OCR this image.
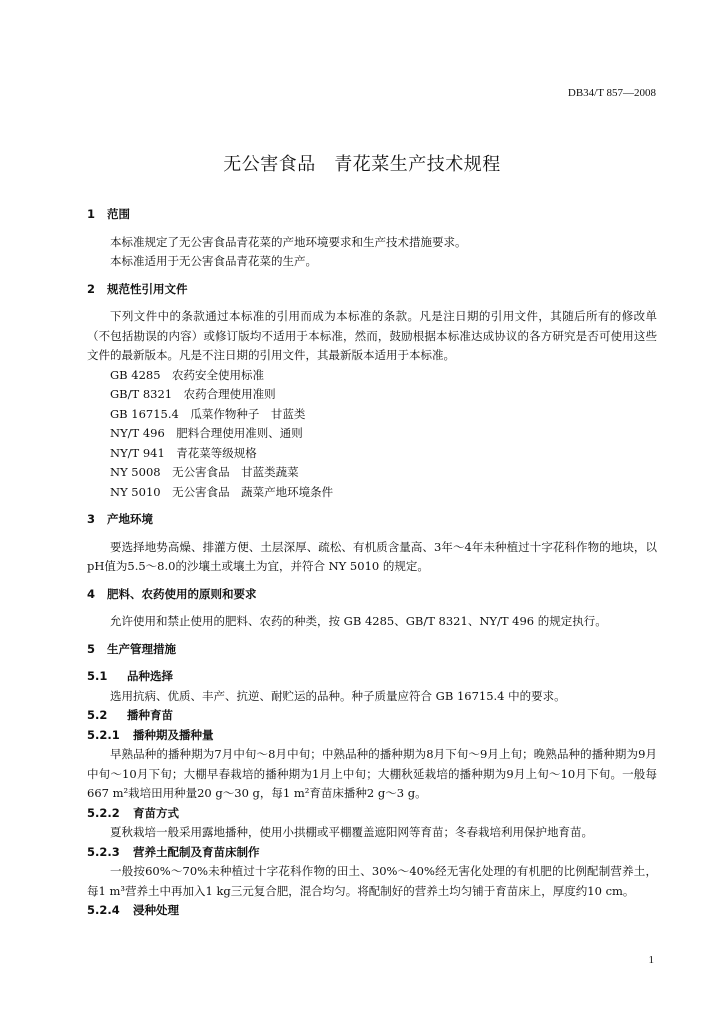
DB34/T 857—2008
无公害食品　青花菜生产技术规程
1 范围

本标准规定了无公害食品青花菜的产地环境要求和生产技术措施要求。

本标准适用于无公害食品青花菜的生产。

2 规范性引用文件

下列文件中的条款通过本标准的引用而成为本标准的条款。凡是注日期的引用文件，其随后所有的修改单（不包括勘误的内容）或修订版均不适用于本标准，然而，鼓励根据本标准达成协议的各方研究是否可使用这些文件的最新版本。凡是不注日期的引用文件，其最新版本适用于本标准。

GB 4285　农药安全使用标准

GB/T 8321　农药合理使用准则

GB 16715.4　瓜菜作物种子　甘蓝类

NY/T 496　肥料合理使用准则、通则

NY/T 941　青花菜等级规格

NY 5008　无公害食品　甘蓝类蔬菜

NY 5010　无公害食品　蔬菜产地环境条件

3 产地环境

要选择地势高燥、排灌方便、土层深厚、疏松、有机质含量高、3年～4年未种植过十字花科作物的地块，以pH值为5.5～8.0的沙壤土或壤土为宜，并符合 NY 5010 的规定。

4 肥料、农药使用的原则和要求

允许使用和禁止使用的肥料、农药的种类，按 GB 4285、GB/T 8321、NY/T 496 的规定执行。

5 生产管理措施
5.1 品种选择

选用抗病、优质、丰产、抗逆、耐贮运的品种。种子质量应符合 GB 16715.4 中的要求。

5.2 播种育苗
5.2.1 播种期及播种量

早熟品种的播种期为7月中旬～8月中旬；中熟品种的播种期为8月下旬～9月上旬；晚熟品种的播种期为9月中旬～10月下旬；大棚早春栽培的播种期为1月上中旬；大棚秋延栽培的播种期为9月上旬～10月下旬。一般每667 m²栽培田用种量20 g～30 g，每1 m²育苗床播种2 g～3 g。

5.2.2 育苗方式

夏秋栽培一般采用露地播种，使用小拱棚或平棚覆盖遮阳网等育苗；冬春栽培利用保护地育苗。

5.2.3 营养土配制及育苗床制作

一般按60%～70%未种植过十字花科作物的田土、30%～40%经无害化处理的有机肥的比例配制营养土，每1 m³营养土中再加入1 kg三元复合肥，混合均匀。将配制好的营养土均匀铺于育苗床上，厚度约10 cm。

5.2.4 浸种处理
1
